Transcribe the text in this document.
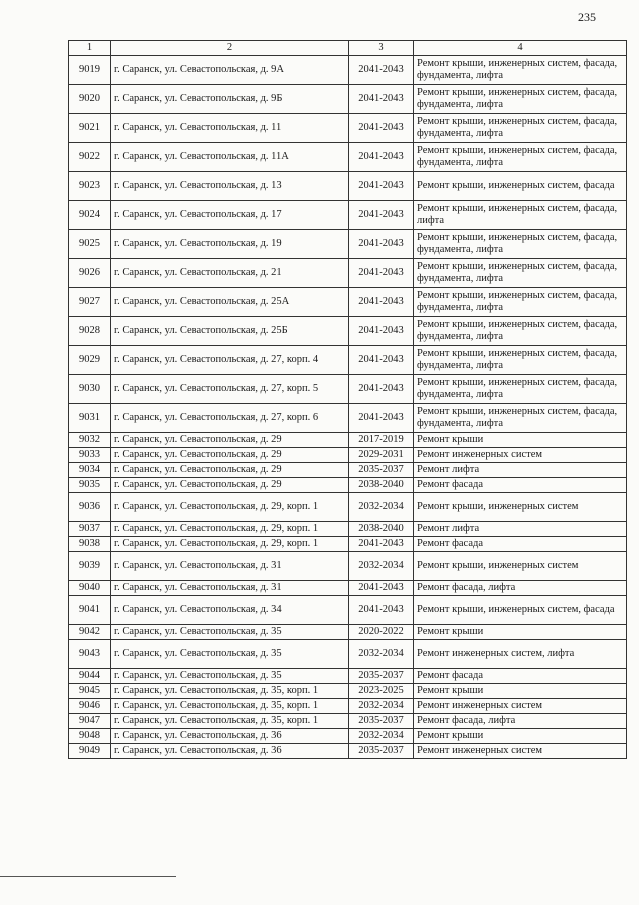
235
1	2	3	4
9019	г. Саранск, ул. Севастопольская, д. 9А	2041-2043	Ремонт крыши, инженерных систем, фасада, фундамента, лифта
9020	г. Саранск, ул. Севастопольская, д. 9Б	2041-2043	Ремонт крыши, инженерных систем, фасада, фундамента, лифта
9021	г. Саранск, ул. Севастопольская, д. 11	2041-2043	Ремонт крыши, инженерных систем, фасада, фундамента, лифта
9022	г. Саранск, ул. Севастопольская, д. 11А	2041-2043	Ремонт крыши, инженерных систем, фасада, фундамента, лифта
9023	г. Саранск, ул. Севастопольская, д. 13	2041-2043	Ремонт крыши, инженерных систем, фасада
9024	г. Саранск, ул. Севастопольская, д. 17	2041-2043	Ремонт крыши, инженерных систем, фасада, лифта
9025	г. Саранск, ул. Севастопольская, д. 19	2041-2043	Ремонт крыши, инженерных систем, фасада, фундамента, лифта
9026	г. Саранск, ул. Севастопольская, д. 21	2041-2043	Ремонт крыши, инженерных систем, фасада, фундамента, лифта
9027	г. Саранск, ул. Севастопольская, д. 25А	2041-2043	Ремонт крыши, инженерных систем, фасада, фундамента, лифта
9028	г. Саранск, ул. Севастопольская, д. 25Б	2041-2043	Ремонт крыши, инженерных систем, фасада, фундамента, лифта
9029	г. Саранск, ул. Севастопольская, д. 27, корп. 4	2041-2043	Ремонт крыши, инженерных систем, фасада, фундамента, лифта
9030	г. Саранск, ул. Севастопольская, д. 27, корп. 5	2041-2043	Ремонт крыши, инженерных систем, фасада, фундамента, лифта
9031	г. Саранск, ул. Севастопольская, д. 27, корп. 6	2041-2043	Ремонт крыши, инженерных систем, фасада, фундамента, лифта
9032	г. Саранск, ул. Севастопольская, д. 29	2017-2019	Ремонт крыши
9033	г. Саранск, ул. Севастопольская, д. 29	2029-2031	Ремонт инженерных систем
9034	г. Саранск, ул. Севастопольская, д. 29	2035-2037	Ремонт лифта
9035	г. Саранск, ул. Севастопольская, д. 29	2038-2040	Ремонт фасада
9036	г. Саранск, ул. Севастопольская, д. 29, корп. 1	2032-2034	Ремонт крыши, инженерных систем
9037	г. Саранск, ул. Севастопольская, д. 29, корп. 1	2038-2040	Ремонт лифта
9038	г. Саранск, ул. Севастопольская, д. 29, корп. 1	2041-2043	Ремонт фасада
9039	г. Саранск, ул. Севастопольская, д. 31	2032-2034	Ремонт крыши, инженерных систем
9040	г. Саранск, ул. Севастопольская, д. 31	2041-2043	Ремонт фасада, лифта
9041	г. Саранск, ул. Севастопольская, д. 34	2041-2043	Ремонт крыши, инженерных систем, фасада
9042	г. Саранск, ул. Севастопольская, д. 35	2020-2022	Ремонт крыши
9043	г. Саранск, ул. Севастопольская, д. 35	2032-2034	Ремонт инженерных систем, лифта
9044	г. Саранск, ул. Севастопольская, д. 35	2035-2037	Ремонт фасада
9045	г. Саранск, ул. Севастопольская, д. 35, корп. 1	2023-2025	Ремонт крыши
9046	г. Саранск, ул. Севастопольская, д. 35, корп. 1	2032-2034	Ремонт инженерных систем
9047	г. Саранск, ул. Севастопольская, д. 35, корп. 1	2035-2037	Ремонт фасада, лифта
9048	г. Саранск, ул. Севастопольская, д. 36	2032-2034	Ремонт крыши
9049	г. Саранск, ул. Севастопольская, д. 36	2035-2037	Ремонт инженерных систем
